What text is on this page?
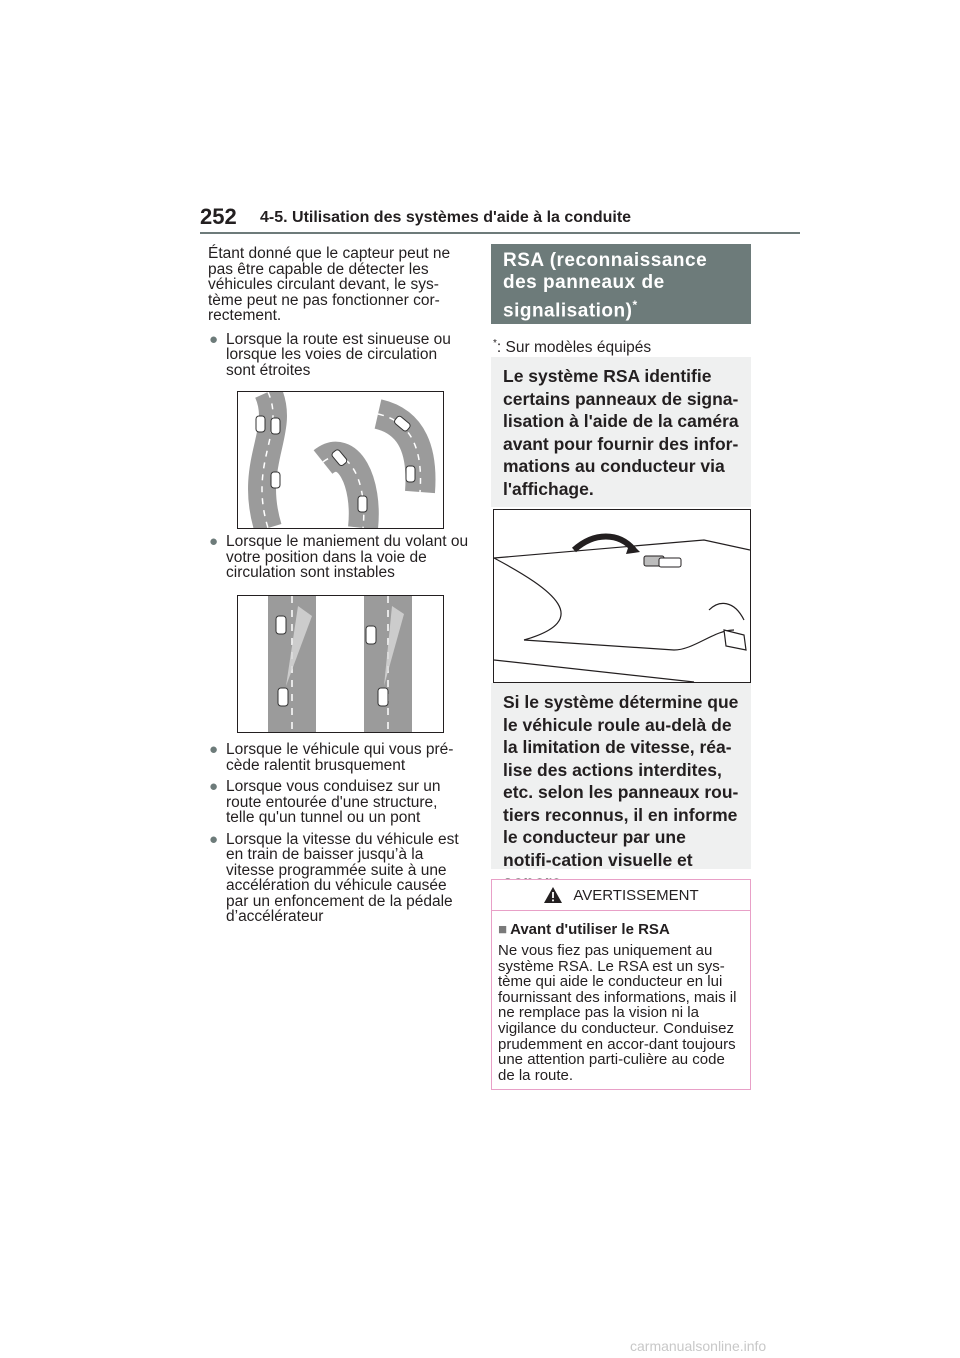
252 4-5. Utilisation des systèmes d'aide à la conduite

Étant donné que le capteur peut ne pas être capable de détecter les véhicules circulant devant, le sys-tème peut ne pas fonctionner cor-rectement.

● Lorsque la route est sinueuse ou lorsque les voies de circulation sont étroites
● Lorsque le maniement du volant ou votre position dans la voie de circulation sont instables
● Lorsque le véhicule qui vous pré-cède ralentit brusquement
● Lorsque vous conduisez sur un route entourée d'une structure, telle qu'un tunnel ou un pont
● Lorsque la vitesse du véhicule est en train de baisser jusqu’à la vitesse programmée suite à une accélération du véhicule causée par un enfoncement de la pédale d’accélérateur
RSA (reconnaissance des panneaux de signalisation)*
*: Sur modèles équipés
Le système RSA identifie certains panneaux de signa-lisation à l'aide de la caméra avant pour fournir des infor-mations au conducteur via l'affichage.
Si le système détermine que le véhicule roule au-delà de la limitation de vitesse, réa-lise des actions interdites, etc. selon les panneaux rou-tiers reconnus, il en informe le conducteur par une notifi-cation visuelle et
AVERTISSEMENT
■ Avant d'utiliser le RSA
Ne vous fiez pas uniquement au système RSA. Le RSA est un sys-tème qui aide le conducteur en lui fournissant des informations, mais il ne remplace pas la vision ni la vigilance du conducteur. Conduisez prudemment en accor-dant toujours une attention parti-culière au code de la route.
carmanualsonline.info
